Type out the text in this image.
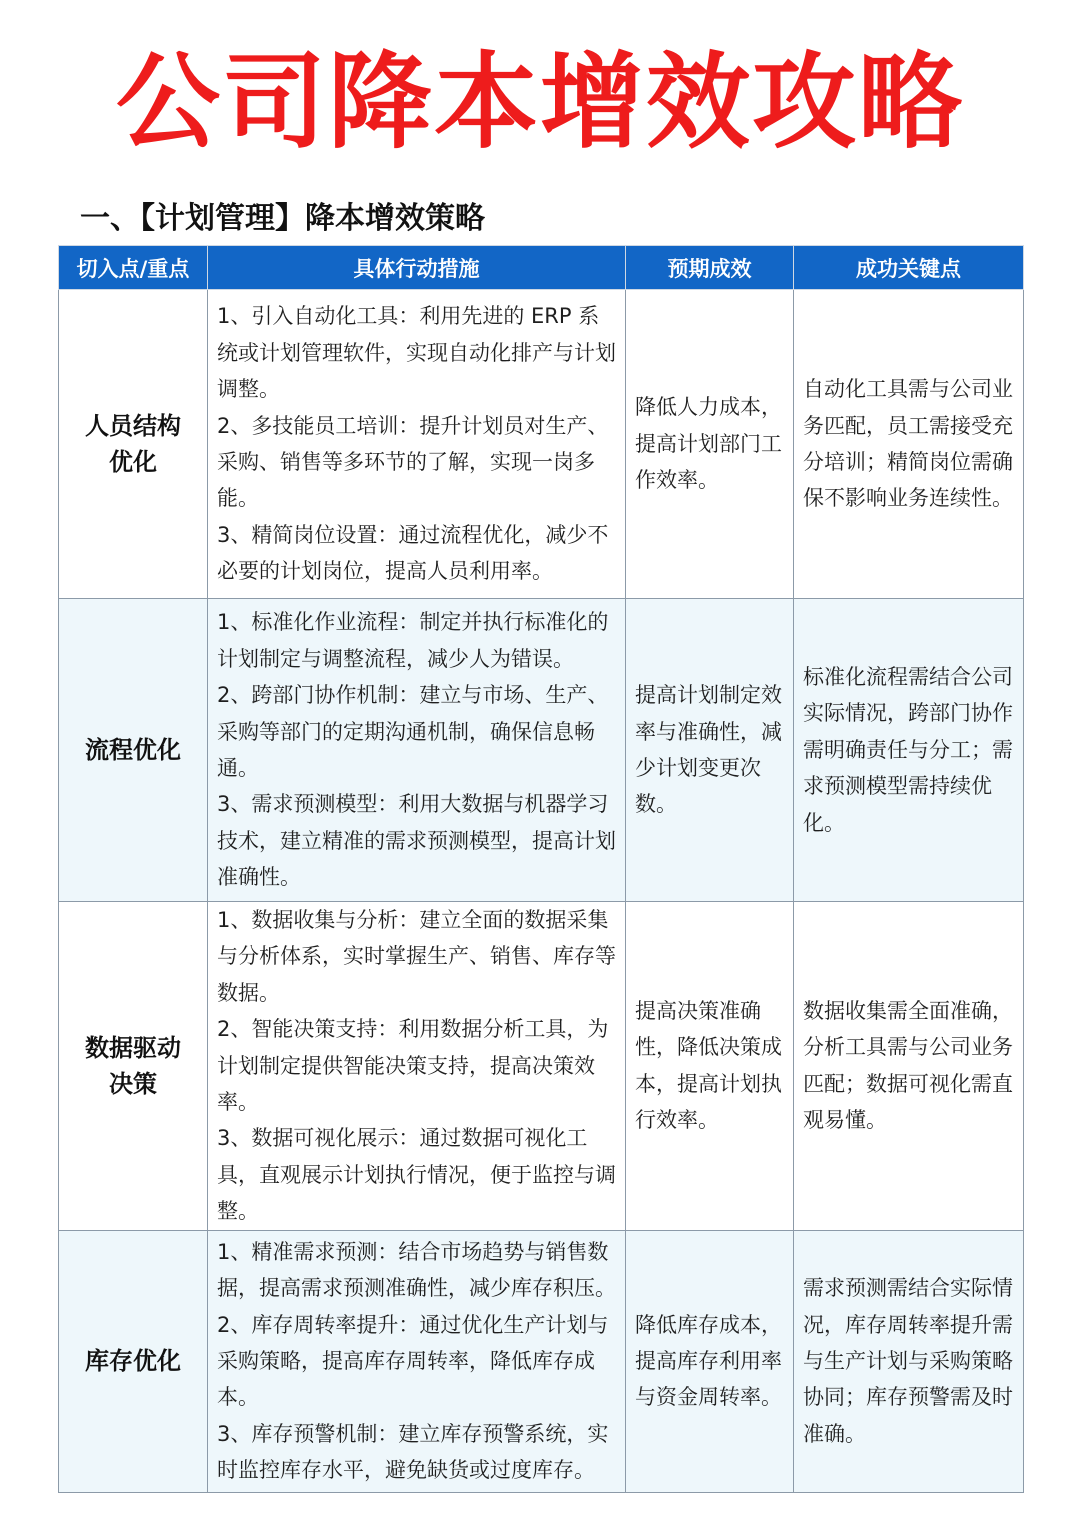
公司降本增效攻略
一、【计划管理】降本增效策略
切入点/重点	具体行动措施	预期成效	成功关键点

人员结构优化	1、引入自动化工具：利用先进的 ERP 系统或计划管理软件，实现自动化排产与计划调整。
2、多技能员工培训：提升计划员对生产、采购、销售等多环节的了解，实现一岗多能。
3、精简岗位设置：通过流程优化，减少不必要的计划岗位，提高人员利用率。	降低人力成本，提高计划部门工作效率。	自动化工具需与公司业务匹配，员工需接受充分培训；精简岗位需确保不影响业务连续性。

流程优化	1、标准化作业流程：制定并执行标准化的计划制定与调整流程，减少人为错误。
2、跨部门协作机制：建立与市场、生产、采购等部门的定期沟通机制，确保信息畅通。
3、需求预测模型：利用大数据与机器学习技术，建立精准的需求预测模型，提高计划准确性。	提高计划制定效率与准确性，减少计划变更次数。	标准化流程需结合公司实际情况，跨部门协作需明确责任与分工；需求预测模型需持续优化。

数据驱动决策	1、数据收集与分析：建立全面的数据采集与分析体系，实时掌握生产、销售、库存等数据。
2、智能决策支持：利用数据分析工具，为计划制定提供智能决策支持，提高决策效率。
3、数据可视化展示：通过数据可视化工具，直观展示计划执行情况，便于监控与调整。	提高决策准确性，降低决策成本，提高计划执行效率。	数据收集需全面准确，分析工具需与公司业务匹配；数据可视化需直观易懂。

库存优化	1、精准需求预测：结合市场趋势与销售数据，提高需求预测准确性，减少库存积压。
2、库存周转率提升：通过优化生产计划与采购策略，提高库存周转率，降低库存成本。
3、库存预警机制：建立库存预警系统，实时监控库存水平，避免缺货或过度库存。	降低库存成本，提高库存利用率与资金周转率。	需求预测需结合实际情况，库存周转率提升需与生产计划与采购策略协同；库存预警需及时准确。
